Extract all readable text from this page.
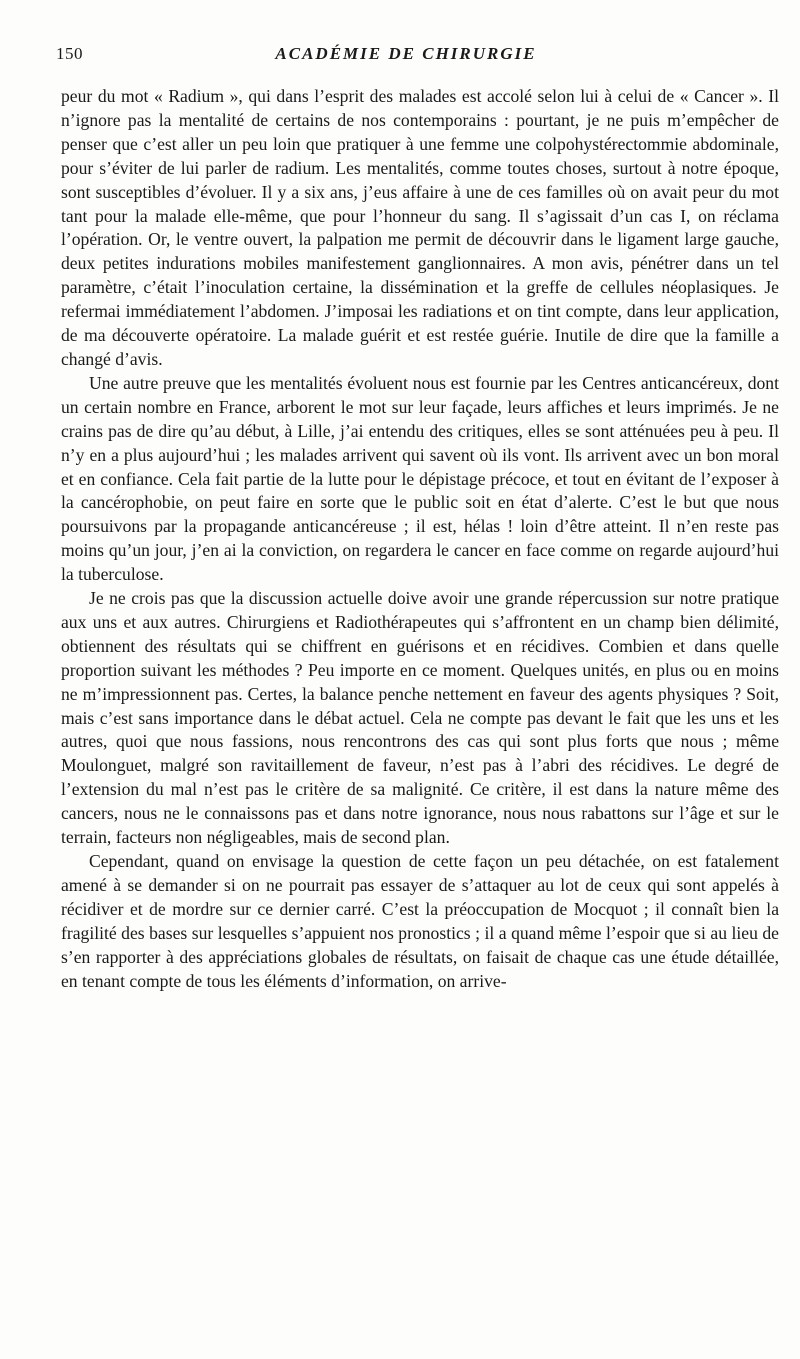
150	ACADÉMIE DE CHIRURGIE

peur du mot « Radium », qui dans l’esprit des malades est accolé selon lui à celui de « Cancer ». Il n’ignore pas la mentalité de certains de nos contemporains : pourtant, je ne puis m’empêcher de penser que c’est aller un peu loin que pratiquer à une femme une colpohystérectommie abdominale, pour s’éviter de lui parler de radium. Les mentalités, comme toutes choses, surtout à notre époque, sont susceptibles d’évoluer. Il y a six ans, j’eus affaire à une de ces familles où on avait peur du mot tant pour la malade elle-même, que pour l’honneur du sang. Il s’agissait d’un cas I, on réclama l’opération. Or, le ventre ouvert, la palpation me permit de découvrir dans le ligament large gauche, deux petites indurations mobiles manifestement ganglionnaires. A mon avis, pénétrer dans un tel paramètre, c’était l’inoculation certaine, la dissémination et la greffe de cellules néoplasiques. Je refermai immédiatement l’abdomen. J’imposai les radiations et on tint compte, dans leur application, de ma découverte opératoire. La malade guérit et est restée guérie. Inutile de dire que la famille a changé d’avis.

Une autre preuve que les mentalités évoluent nous est fournie par les Centres anticancéreux, dont un certain nombre en France, arborent le mot sur leur façade, leurs affiches et leurs imprimés. Je ne crains pas de dire qu’au début, à Lille, j’ai entendu des critiques, elles se sont atténuées peu à peu. Il n’y en a plus aujourd’hui ; les malades arrivent qui savent où ils vont. Ils arrivent avec un bon moral et en confiance. Cela fait partie de la lutte pour le dépistage précoce, et tout en évitant de l’exposer à la cancérophobie, on peut faire en sorte que le public soit en état d’alerte. C’est le but que nous poursuivons par la propagande anticancéreuse ; il est, hélas ! loin d’être atteint. Il n’en reste pas moins qu’un jour, j’en ai la conviction, on regardera le cancer en face comme on regarde aujourd’hui la tuberculose.

Je ne crois pas que la discussion actuelle doive avoir une grande répercussion sur notre pratique aux uns et aux autres. Chirurgiens et Radiothérapeutes qui s’affrontent en un champ bien délimité, obtiennent des résultats qui se chiffrent en guérisons et en récidives. Combien et dans quelle proportion suivant les méthodes ? Peu importe en ce moment. Quelques unités, en plus ou en moins ne m’impressionnent pas. Certes, la balance penche nettement en faveur des agents physiques ? Soit, mais c’est sans importance dans le débat actuel. Cela ne compte pas devant le fait que les uns et les autres, quoi que nous fassions, nous rencontrons des cas qui sont plus forts que nous ; même Moulonguet, malgré son ravitaillement de faveur, n’est pas à l’abri des récidives. Le degré de l’extension du mal n’est pas le critère de sa malignité. Ce critère, il est dans la nature même des cancers, nous ne le connaissons pas et dans notre ignorance, nous nous rabattons sur l’âge et sur le terrain, facteurs non négligeables, mais de second plan.

Cependant, quand on envisage la question de cette façon un peu détachée, on est fatalement amené à se demander si on ne pourrait pas essayer de s’attaquer au lot de ceux qui sont appelés à récidiver et de mordre sur ce dernier carré. C’est la préoccupation de Mocquot ; il connaît bien la fragilité des bases sur lesquelles s’appuient nos pronostics ; il a quand même l’espoir que si au lieu de s’en rapporter à des appréciations globales de résultats, on faisait de chaque cas une étude détaillée, en tenant compte de tous les éléments d’information, on arrive-
